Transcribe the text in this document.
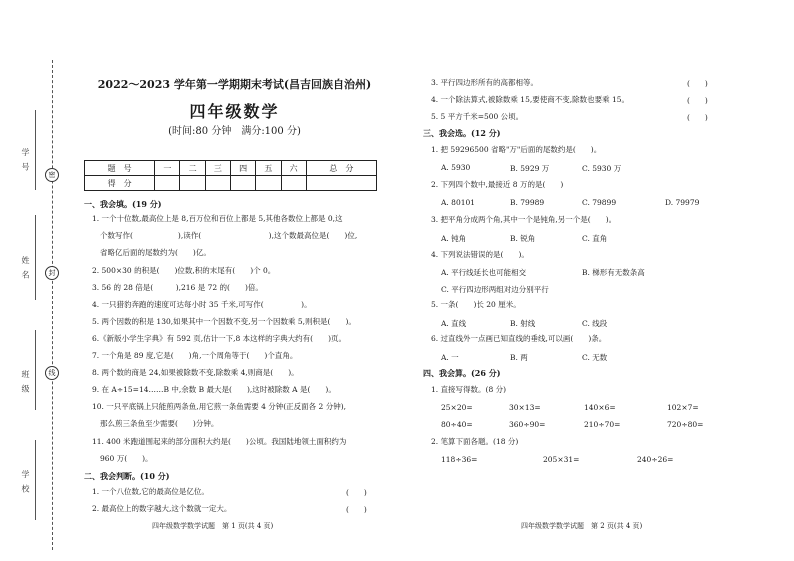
学 号
姓 名
班 级
学 校
密
封
线
2022～2023 学年第一学期期末考试(昌吉回族自治州)
四年级数学
(时间:80 分钟　满分:100 分)
题　号	一	二	三	四	五	六	总　分
得　分							
一、我会填。(19 分)
1. 一个十位数,最高位上是 8,百万位和百位上都是 5,其他各数位上都是 0,这
个数写作(　　　　　　),读作(　　　　　　　　　),这个数最高位是(　　)位,
省略亿后面的尾数约为(　　)亿。
2. 500×30 的积是(　　)位数,积的末尾有(　　)个 0。
3. 56 的 28 倍是(　　　),216 是 72 的(　　)倍。
4. 一只猎豹奔跑的速度可达每小时 35 千米,可写作(　　　　　)。
5. 两个因数的积是 130,如果其中一个因数不变,另一个因数乘 5,则积是(　　)。
6.《新版小学生字典》有 592 页,估计一下,8 本这样的字典大约有(　　)页。
7. 一个角是 89 度,它是(　　)角,一个周角等于(　　)个直角。
8. 两个数的商是 24,如果被除数不变,除数乘 4,则商是(　　)。
9. 在 A÷15=14……B 中,余数 B 最大是(　　),这时被除数 A 是(　　)。
10. 一只平底锅上只能煎两条鱼,用它煎一条鱼需要 4 分钟(正反面各 2 分钟),
那么煎三条鱼至少需要(　　)分钟。
11. 400 米跑道围起来的部分面积大约是(　　)公顷。我国陆地领土面积约为
960 万(　　)。
二、我会判断。(10 分)
1. 一个八位数,它的最高位是亿位。	(　　)
2. 最高位上的数字越大,这个数就一定大。	(　　)
四年级数学数学试题　第 1 页(共 4 页)
3. 平行四边形所有的高都相等。	(　　)
4. 一个除法算式,被除数乘 15,要使商不变,除数也要乘 15。	(　　)
5. 5 平方千米=500 公顷。	(　　)
三、我会选。(12 分)
1. 把 59296500 省略"万"后面的尾数约是(　　)。
A. 5930	B. 5929 万	C. 5930 万
2. 下列四个数中,最接近 8 万的是(　　)
A. 80101	B. 79989	C. 79899	D. 79979
3. 把平角分成两个角,其中一个是钝角,另一个是(　　)。
A. 钝角	B. 锐角	C. 直角
4. 下列说法错误的是(　　)。
A. 平行线延长也可能相交	B. 梯形有无数条高
C. 平行四边形两组对边分别平行
5. 一条(　　)长 20 厘米。
A. 直线	B. 射线	C. 线段
6. 过直线外一点画已知直线的垂线,可以画(　　)条。
A. 一	B. 两	C. 无数
四、我会算。(26 分)
1. 直接写得数。(8 分)
25×20=	30×13=	140×6=	102×7=
80÷40=	360÷90=	210÷70=	720÷80=
2. 笔算下面各题。(18 分)
118÷36=	205×31=	240÷26=
四年级数学数学试题　第 2 页(共 4 页)
